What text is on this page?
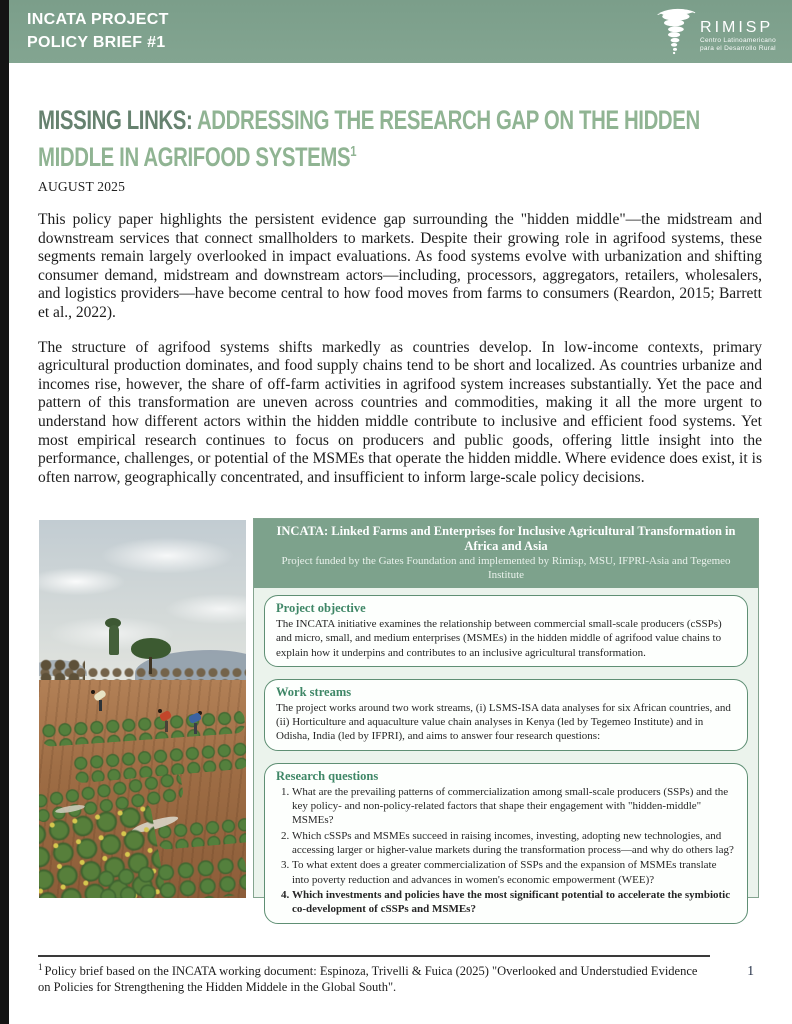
INCATA PROJECT
POLICY BRIEF #1
RIMISP
Centro Latinoamericano
para el Desarrollo Rural
MISSING LINKS: ADDRESSING THE RESEARCH GAP ON THE HIDDEN MIDDLE IN AGRIFOOD SYSTEMS$^1$
AUGUST 2025

This policy paper highlights the persistent evidence gap surrounding the "hidden middle"—the midstream and downstream services that connect smallholders to markets. Despite their growing role in agrifood systems, these segments remain largely overlooked in impact evaluations. As food systems evolve with urbanization and shifting consumer demand, midstream and downstream actors—including, processors, aggregators, retailers, wholesalers, and logistics providers—have become central to how food moves from farms to consumers (Reardon, 2015; Barrett et al., 2022).

The structure of agrifood systems shifts markedly as countries develop. In low-income contexts, primary agricultural production dominates, and food supply chains tend to be short and localized. As countries urbanize and incomes rise, however, the share of off-farm activities in agrifood system increases substantially. Yet the pace and pattern of this transformation are uneven across countries and commodities, making it all the more urgent to understand how different actors within the hidden middle contribute to inclusive and efficient food systems. Yet most empirical research continues to focus on producers and public goods, offering little insight into the performance, challenges, or potential of the MSMEs that operate the hidden middle. Where evidence does exist, it is often narrow, geographically concentrated, and insufficient to inform large-scale policy decisions.

INCATA: Linked Farms and Enterprises for Inclusive Agricultural Transformation in Africa and Asia
Project funded by the Gates Foundation and implemented by Rimisp, MSU, IFPRI-Asia and Tegemeo Institute
Project objective

The INCATA initiative examines the relationship between commercial small-scale producers (cSSPs) and micro, small, and medium enterprises (MSMEs) in the hidden middle of agrifood value chains to explain how it underpins and contributes to an inclusive agricultural transformation.

Work streams

The project works around two work streams, (i) LSMS-ISA data analyses for six African countries, and (ii) Horticulture and aquaculture value chain analyses in Kenya (led by Tegemeo Institute) and in Odisha, India (led by IFPRI), and aims to answer four research questions:

Research questions
1. What are the prevailing patterns of commercialization among small-scale producers (SSPs) and the key policy- and non-policy-related factors that shape their engagement with "hidden-middle" MSMEs?
2. Which cSSPs and MSMEs succeed in raising incomes, investing, adopting new technologies, and accessing larger or higher-value markets during the transformation process—and why do others lag?
3. To what extent does a greater commercialization of SSPs and the expansion of MSMEs translate into poverty reduction and advances in women's economic empowerment (WEE)?
4. Which investments and policies have the most significant potential to accelerate the symbiotic co-development of cSSPs and MSMEs?

$^1$ Policy brief based on the INCATA working document: Espinoza, Trivelli & Fuica (2025) "Overlooked and Understudied Evidence on Policies for Strengthening the Hidden Middele in the Global South".

1
